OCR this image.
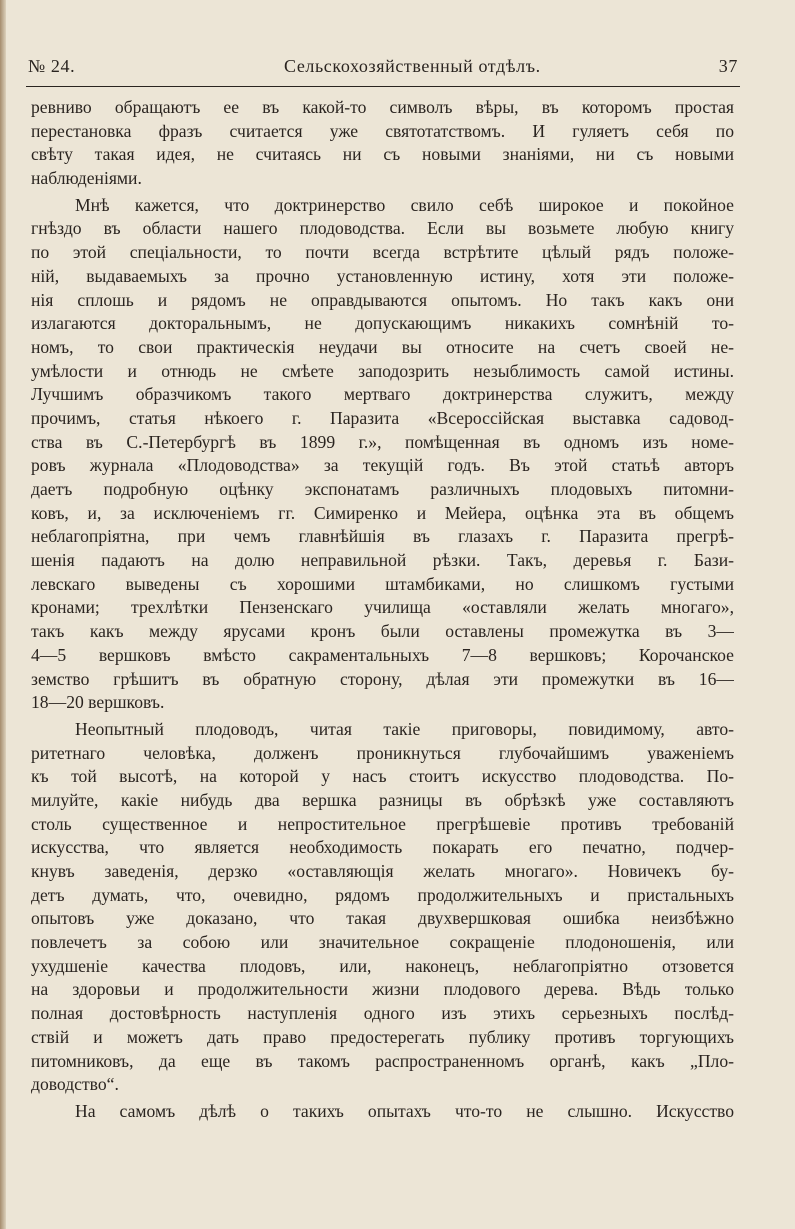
№ 24.	Сельскохозяйственный отдѣлъ.	37
ревниво обращаютъ ее въ какой-то символъ вѣры, въ которомъ простая
перестановка фразъ считается уже святотатствомъ. И гуляетъ себя по
свѣту такая идея, не считаясь ни съ новыми знаніями, ни съ новыми
наблюденіями.
Мнѣ кажется, что доктринерство свило себѣ широкое и покойное
гнѣздо въ области нашего плодоводства. Если вы возьмете любую книгу
по этой спеціальности, то почти всегда встрѣтите цѣлый рядъ положе-
ній, выдаваемыхъ за прочно установленную истину, хотя эти положе-
нія сплошь и рядомъ не оправдываются опытомъ. Но такъ какъ они
излагаются доктoральнымъ, не допускающимъ никакихъ сомнѣній то-
номъ, то свои практическія неудачи вы относите на счетъ своей не-
умѣлости и отнюдь не смѣете заподозрить незыблимость самой истины.
Лучшимъ образчикомъ такого мертваго доктринерства служитъ, между
прочимъ, статья нѣкоего г. Паразита «Всероссійская выставка садовод-
ства въ С.-Петербургѣ въ 1899 г.», помѣщенная въ одномъ изъ номе-
ровъ журнала «Плодоводства» за текущій годъ. Въ этой статьѣ авторъ
даетъ подробную оцѣнку экспонатамъ различныхъ плодовыхъ питомни-
ковъ, и, за исключеніемъ гг. Симиренко и Мейера, оцѣнка эта въ общемъ
неблагопріятна, при чемъ главнѣйшія въ глазахъ г. Паразита прегрѣ-
шенія падаютъ на долю неправильной рѣзки. Такъ, деревья г. Бази-
левскаго выведены съ хорошими штамбиками, но слишкомъ густыми
кронами; трехлѣтки Пензенскаго училища «оставляли желать многаго»,
такъ какъ между ярусами кронъ были оставлены промежутка въ 3—
4—5 вершковъ вмѣсто сакраментальныхъ 7—8 вершковъ; Корочанское
земство грѣшитъ въ обратную сторону, дѣлая эти промежутки въ 16—
18—20 вершковъ.
Неопытный плодоводъ, читая такіе приговоры, повидимому, авто-
ритетнаго человѣка, долженъ проникнуться глубочайшимъ уваженіемъ
къ той высотѣ, на которой у насъ стоитъ искусство плодоводства. По-
милуйте, какіе нибудь два вершка разницы въ обрѣзкѣ уже составляютъ
столь существенное и непростительное прегрѣшевіе противъ требованій
искусства, что является необходимость покарать его печатно, подчер-
кнувъ заведенія, дерзко «оставляющія желать многаго». Новичекъ бу-
детъ думать, что, очевидно, рядомъ продолжительныхъ и пристальныхъ
опытовъ уже доказано, что такая двухвершковая ошибка неизбѣжно
повлечетъ за собою или значительное сокращеніе плодоношенія, или
ухудшеніе качества плодовъ, или, наконецъ, неблагопріятно отзовется
на здоровьи и продолжительности жизни плодового дерева. Вѣдь только
полная достовѣрность наступленія одного изъ этихъ серьезныхъ послѣд-
ствій и можетъ дать право предостерегать публику противъ торгующихъ
питомниковъ, да еще въ такомъ распространенномъ органѣ, какъ „Пло-
доводство“.
На самомъ дѣлѣ о такихъ опытахъ что-то не слышно. Искусство
